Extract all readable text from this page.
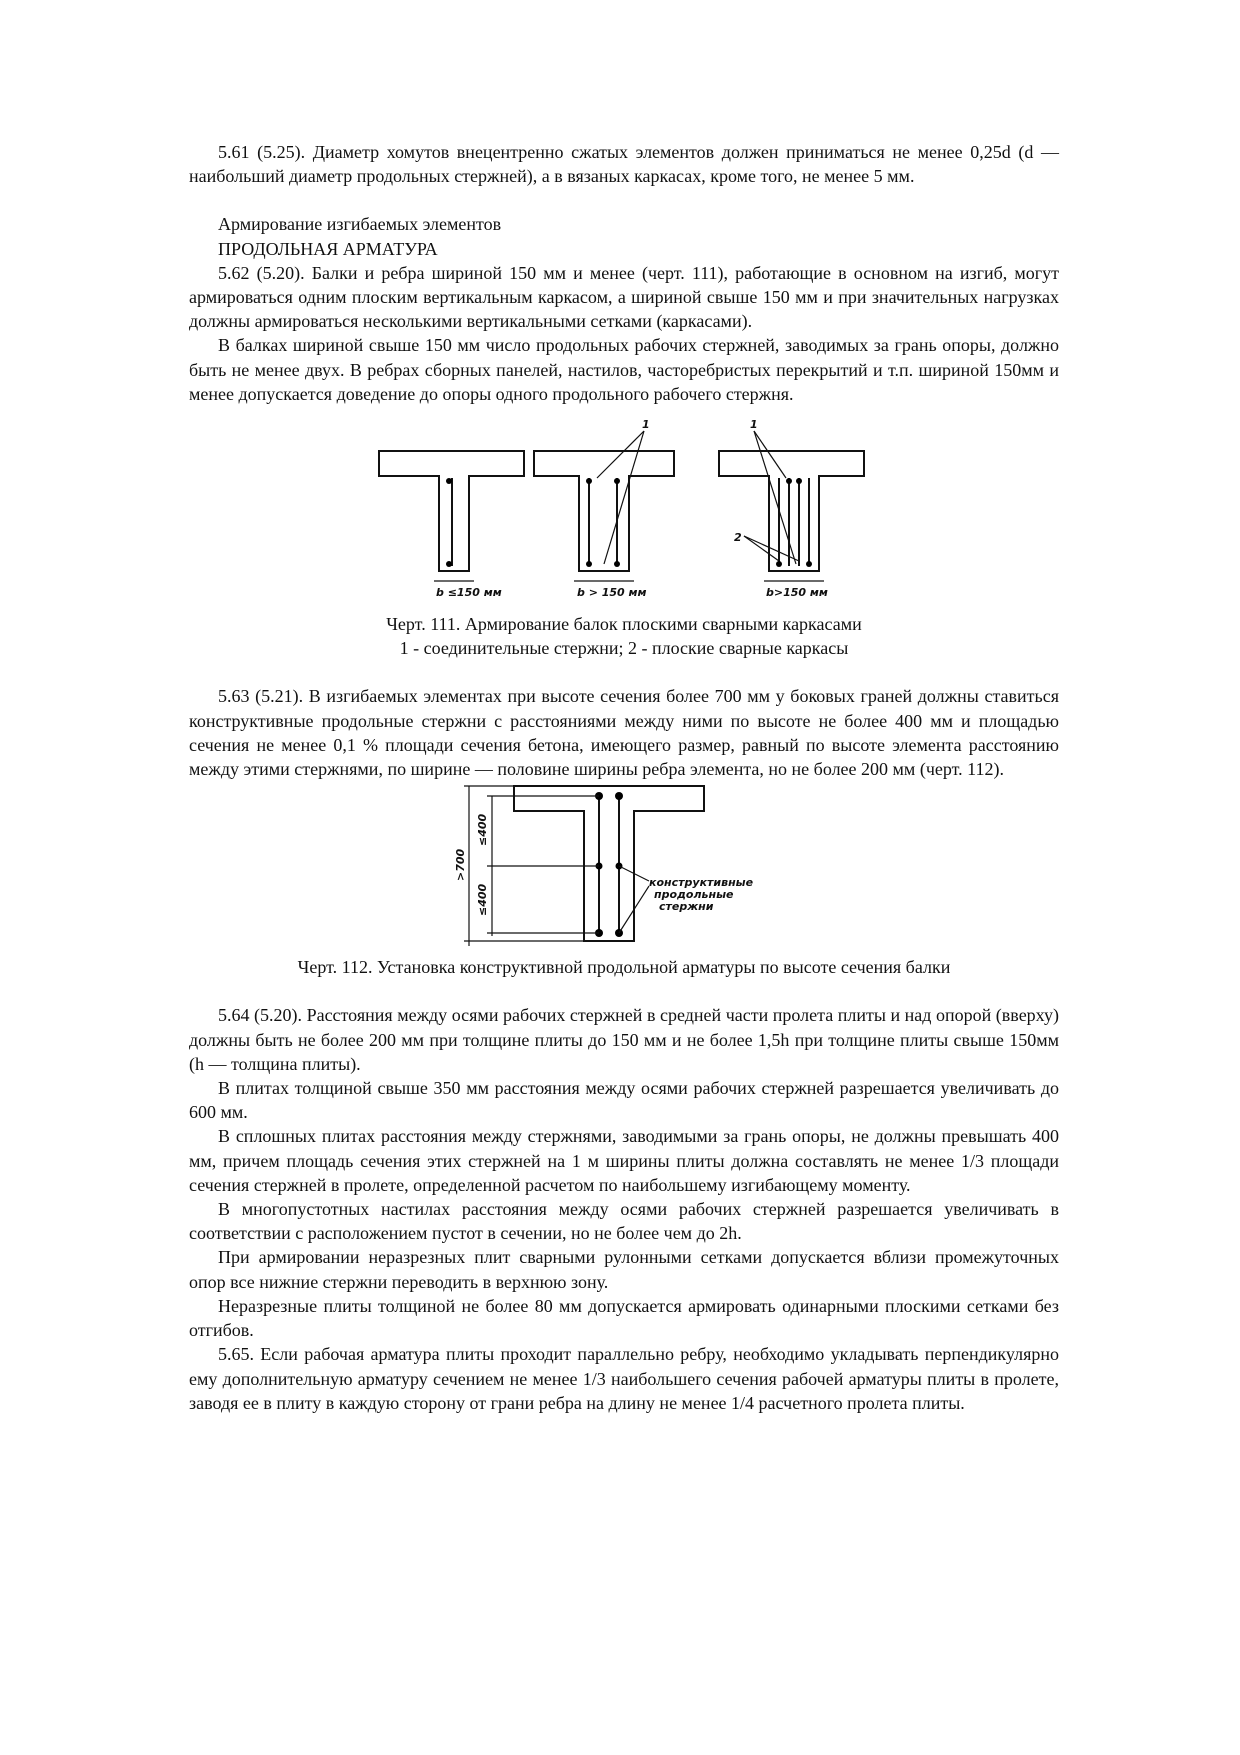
5.61 (5.25). Диаметр хомутов внецентренно сжатых элементов должен приниматься не менее 0,25d (d — наибольший диаметр продольных стержней), а в вязаных каркасах, кроме того, не менее 5 мм.

Армирование изгибаемых элементов

ПРОДОЛЬНАЯ АРМАТУРА

5.62 (5.20). Балки и ребра шириной 150 мм и менее (черт. 111), работающие в основном на изгиб, могут армироваться одним плоским вертикальным каркасом, а шириной свыше 150 мм и при значительных нагрузках должны армироваться несколькими вертикальными сетками (каркасами).

В балках шириной свыше 150 мм число продольных рабочих стержней, заводимых за грань опоры, должно быть не менее двух. В ребрах сборных панелей, настилов, часторебристых перекрытий и т.п. шириной 150мм и менее допускается доведение до опоры одного продольного рабочего стержня.

1	1
2
b ≤150 мм	b > 150 мм	b>150 мм

Черт. 111. Армирование балок плоскими сварными каркасами

1 - соединительные стержни; 2 - плоские сварные каркасы

5.63 (5.21). В изгибаемых элементах при высоте сечения более 700 мм у боковых граней должны ставиться конструктивные продольные стержни с расстояниями между ними по высоте не более 400 мм и площадью сечения не менее 0,1 % площади сечения бетона, имеющего размер, равный по высоте элемента расстоянию между этими стержнями, по ширине — половине ширины ребра элемента, но не более 200 мм (черт. 112).

≤400
>700
≤400
конструктивные
продольные
стержни

Черт. 112. Установка конструктивной продольной арматуры по высоте сечения балки

5.64 (5.20). Расстояния между осями рабочих стержней в средней части пролета плиты и над опорой (вверху) должны быть не более 200 мм при толщине плиты до 150 мм и не более 1,5h при толщине плиты свыше 150мм (h — толщина плиты).

В плитах толщиной свыше 350 мм расстояния между осями рабочих стержней разрешается увеличивать до 600 мм.

В сплошных плитах расстояния между стержнями, заводимыми за грань опоры, не должны превышать 400 мм, причем площадь сечения этих стержней на 1 м ширины плиты должна составлять не менее 1/3 площади сечения стержней в пролете, определенной расчетом по наибольшему изгибающему моменту.

В многопустотных настилах расстояния между осями рабочих стержней разрешается увеличивать в соответствии с расположением пустот в сечении, но не более чем до 2h.

При армировании неразрезных плит сварными рулонными сетками допускается вблизи промежуточных опор все нижние стержни переводить в верхнюю зону.

Неразрезные плиты толщиной не более 80 мм допускается армировать одинарными плоскими сетками без отгибов.

5.65. Если рабочая арматура плиты проходит параллельно ребру, необходимо укладывать перпендикулярно ему дополнительную арматуру сечением не менее 1/3 наибольшего сечения рабочей арматуры плиты в пролете, заводя ее в плиту в каждую сторону от грани ребра на длину не менее 1/4 расчетного пролета плиты.
